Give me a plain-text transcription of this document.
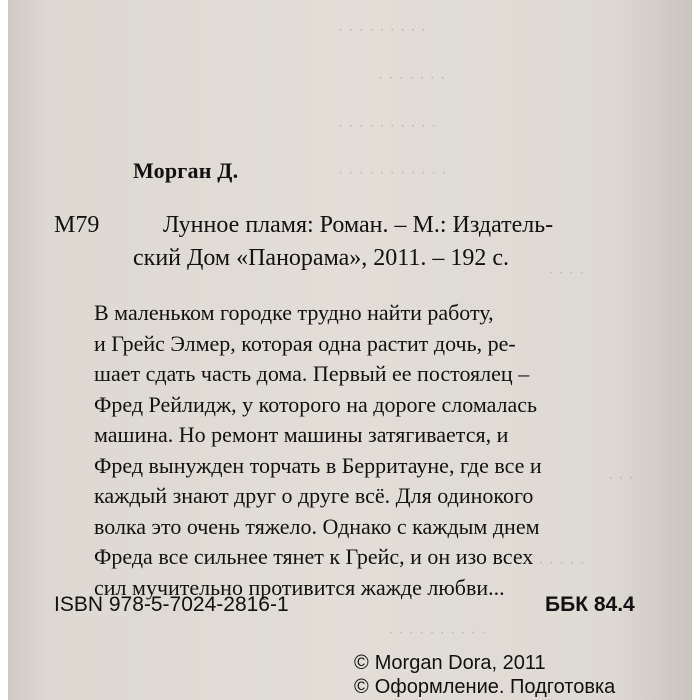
· · · · · · · · ·
· · · · · · ·
· · · · · · · · · ·
· · · · · · · · · · ·
· · · ·
· · ·
· · · · · ·
· · · · · · · · · ·
Морган Д.
М79	Лунное пламя: Роман. – М.: Издатель-
ский Дом «Панорама», 2011. – 192 с.
В маленьком городке трудно найти работу,
и Грейс Элмер, которая одна растит дочь, ре-
шает сдать часть дома. Первый ее постоялец –
Фред Рейлидж, у которого на дороге сломалась
машина. Но ремонт машины затягивается, и
Фред вынужден торчать в Берритауне, где все и
каждый знают друг о друге всё. Для одинокого
волка это очень тяжело. Однако с каждым днем
Фреда все сильнее тянет к Грейс, и он изо всех
сил мучительно противится жажде любви...
ISBN 978-5-7024-2816-1	ББК 84.4
© Morgan Dora, 2011
© Оформление. Подготовка
